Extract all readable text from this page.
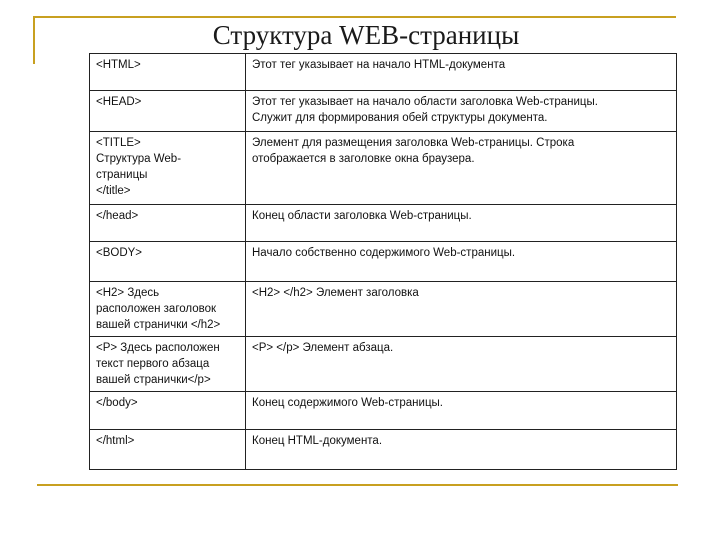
Структура WEB-страницы
<HTML>	Этот тег указывает на начало HTML-документа
<HEAD>	Этот тег указывает на начало области заголовка Web-страницы.
Служит для формирования обей структуры документа.
<TITLE>
Структура Web-
страницы
</title>	Элемент для размещения заголовка Web-страницы. Строка
отображается в заголовке окна браузера.
</head>	Конец области заголовка Web-страницы.
<BODY>	Начало собственно содержимого Web-страницы.
<H2> Здесь
расположен заголовок
вашей странички </h2>	<H2> </h2> Элемент заголовка
<P> Здесь расположен
текст первого абзаца
вашей странички</p>	<P> </p> Элемент абзаца.
</body>	Конец содержимого Web-страницы.
</html>	Конец HTML-документа.
